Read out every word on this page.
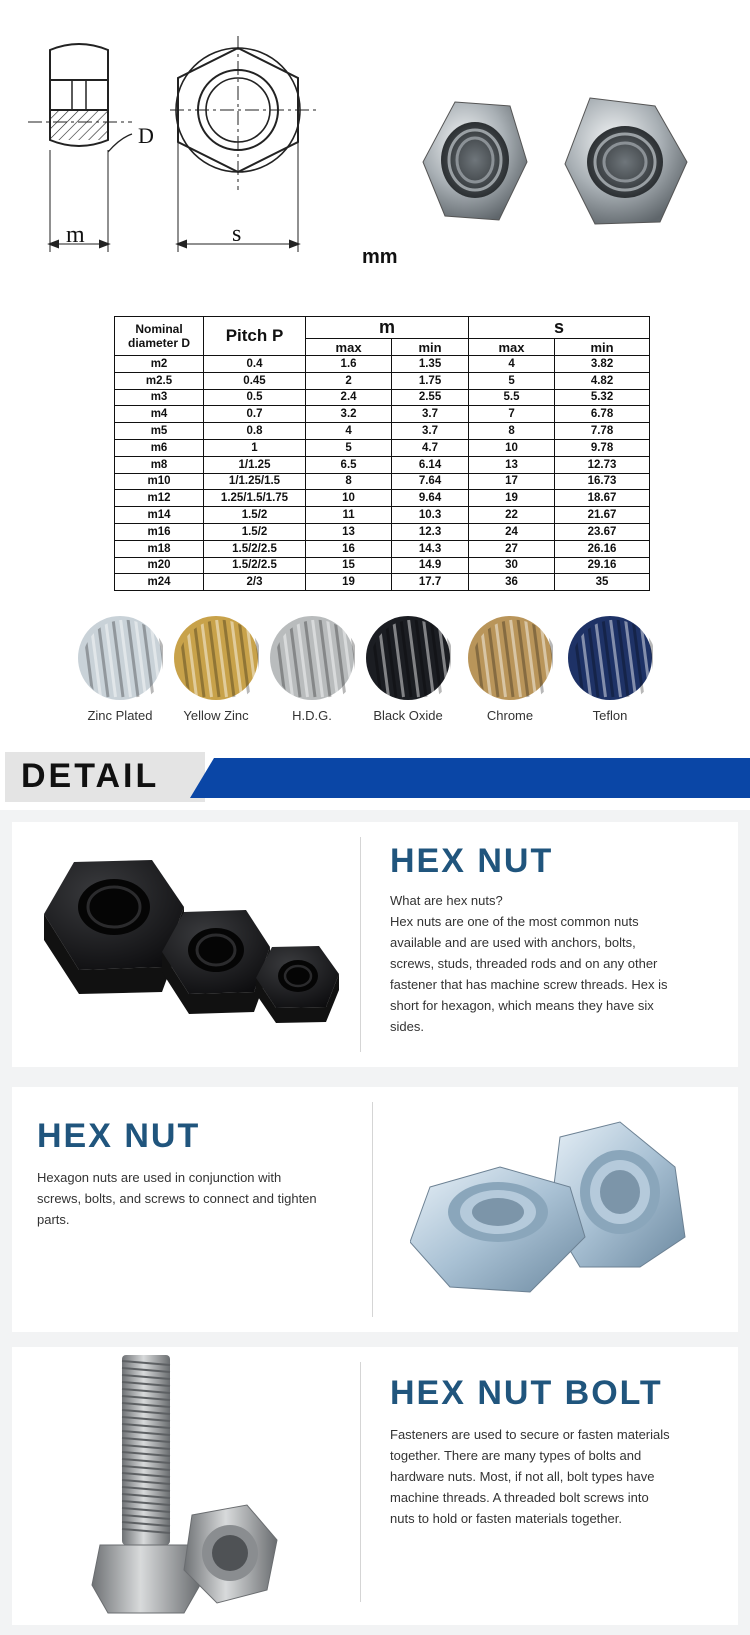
D
m	s
mm
Nominal diameter D	Pitch P	m		s	
		max	min	max	min
m2	0.4	1.6	1.35	4	3.82
m2.5	0.45	2	1.75	5	4.82
m3	0.5	2.4	2.55	5.5	5.32
m4	0.7	3.2	3.7	7	6.78
m5	0.8	4	3.7	8	7.78
m6	1	5	4.7	10	9.78
m8	1/1.25	6.5	6.14	13	12.73
m10	1/1.25/1.5	8	7.64	17	16.73
m12	1.25/1.5/1.75	10	9.64	19	18.67
m14	1.5/2	11	10.3	22	21.67
m16	1.5/2	13	12.3	24	23.67
m18	1.5/2/2.5	16	14.3	27	26.16
m20	1.5/2/2.5	15	14.9	30	29.16
m24	2/3	19	17.7	36	35
Zinc Plated	Yellow Zinc	H.D.G.	Black Oxide	Chrome	Teflon
DETAIL
HEX NUT
What are hex nuts?
Hex nuts are one of the most common nuts
available and are used with anchors, bolts,
screws, studs, threaded rods and on any other
fastener that has machine screw threads. Hex is
short for hexagon, which means they have six
sides.
HEX NUT
Hexagon nuts are used in conjunction with
screws, bolts, and screws to connect and tighten
parts.
HEX NUT BOLT
Fasteners are used to secure or fasten materials
together. There are many types of bolts and
hardware nuts. Most, if not all, bolt types have
machine threads. A threaded bolt screws into
nuts to hold or fasten materials together.
